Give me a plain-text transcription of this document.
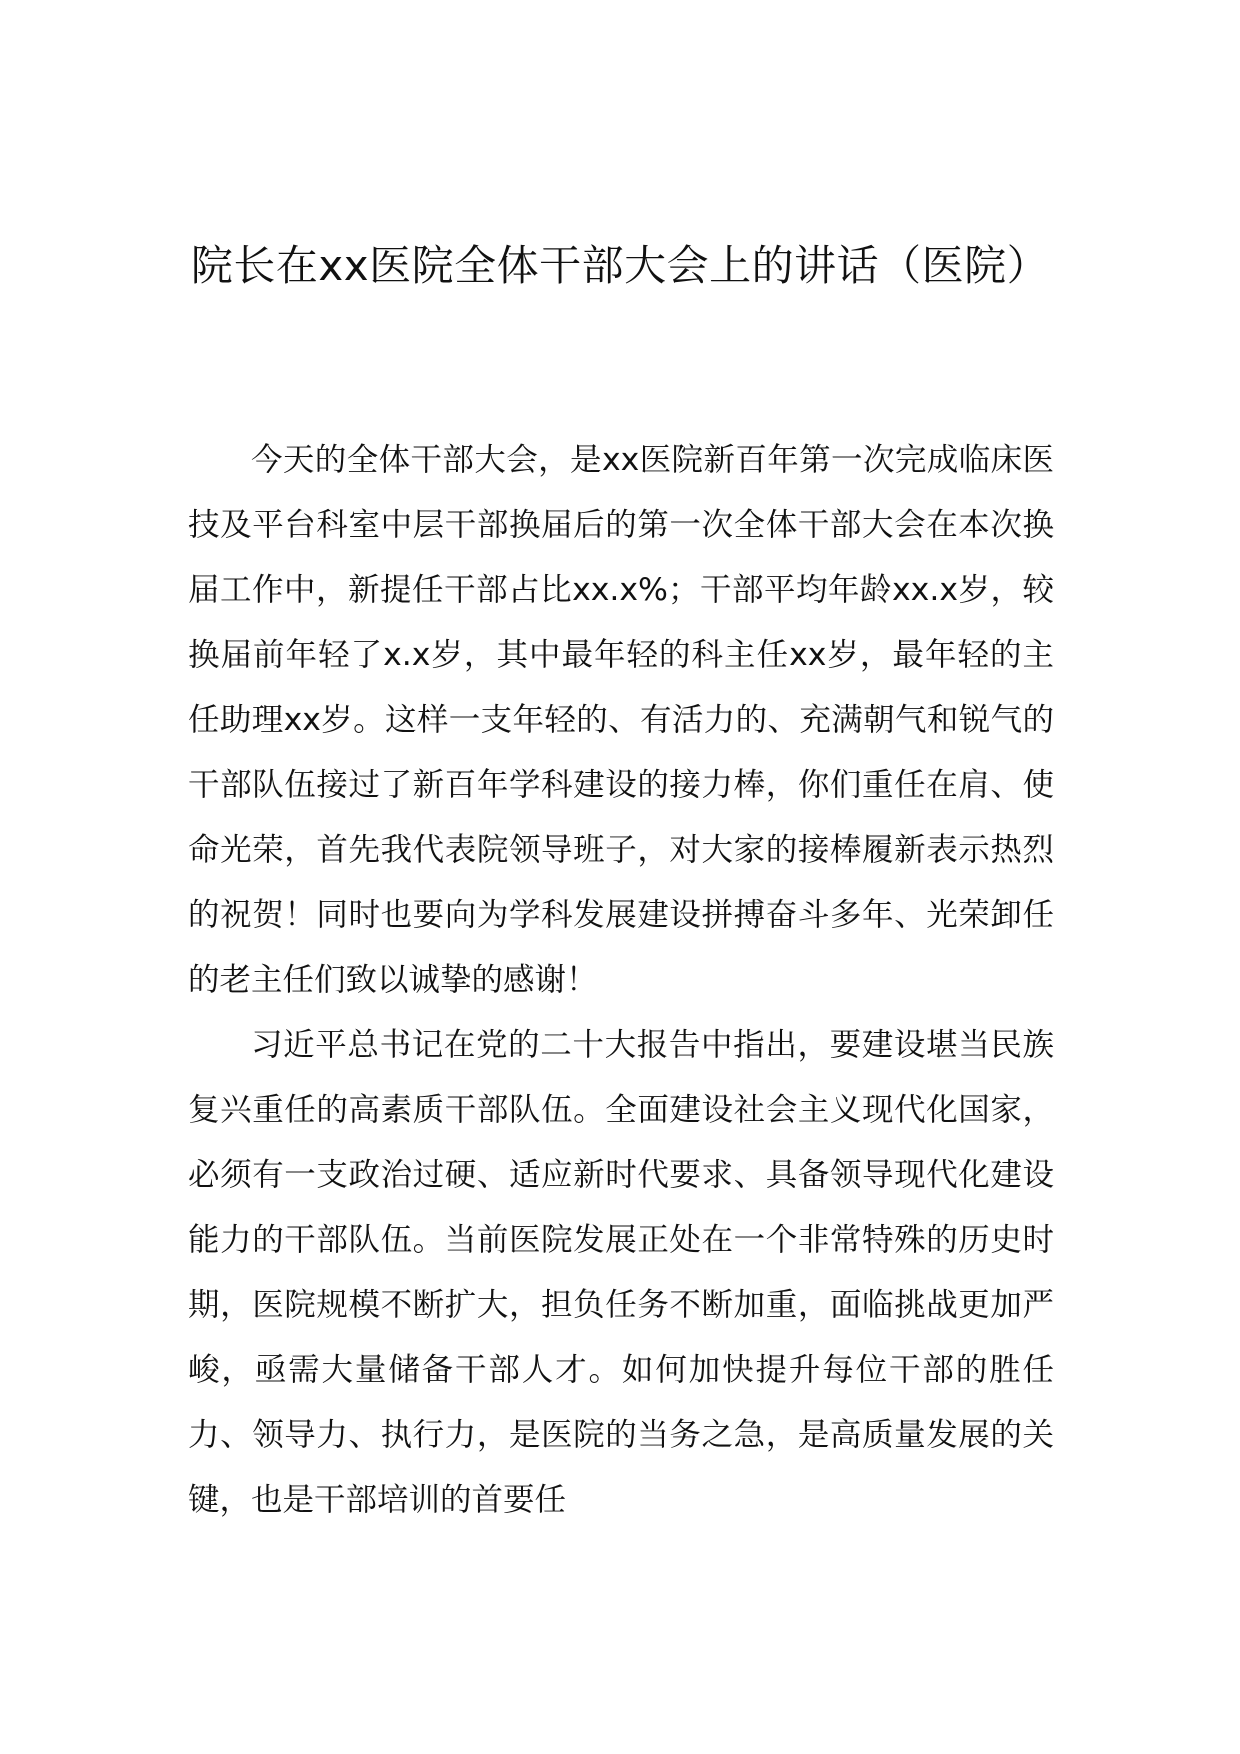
院长在xx医院全体干部大会上的讲话（医院）

今天的全体干部大会，是xx医院新百年第一次完成临床医技及平台科室中层干部换届后的第一次全体干部大会在本次换届工作中，新提任干部占比xx.x%；干部平均年龄xx.x岁，较换届前年轻了x.x岁，其中最年轻的科主任xx岁，最年轻的主任助理xx岁。这样一支年轻的、有活力的、充满朝气和锐气的干部队伍接过了新百年学科建设的接力棒，你们重任在肩、使命光荣，首先我代表院领导班子，对大家的接棒履新表示热烈的祝贺！同时也要向为学科发展建设拼搏奋斗多年、光荣卸任的老主任们致以诚挚的感谢！

习近平总书记在党的二十大报告中指出，要建设堪当民族复兴重任的高素质干部队伍。全面建设社会主义现代化国家，必须有一支政治过硬、适应新时代要求、具备领导现代化建设能力的干部队伍。当前医院发展正处在一个非常特殊的历史时期，医院规模不断扩大，担负任务不断加重，面临挑战更加严峻，亟需大量储备干部人才。如何加快提升每位干部的胜任力、领导力、执行力，是医院的当务之急，是高质量发展的关键，也是干部培训的首要任
